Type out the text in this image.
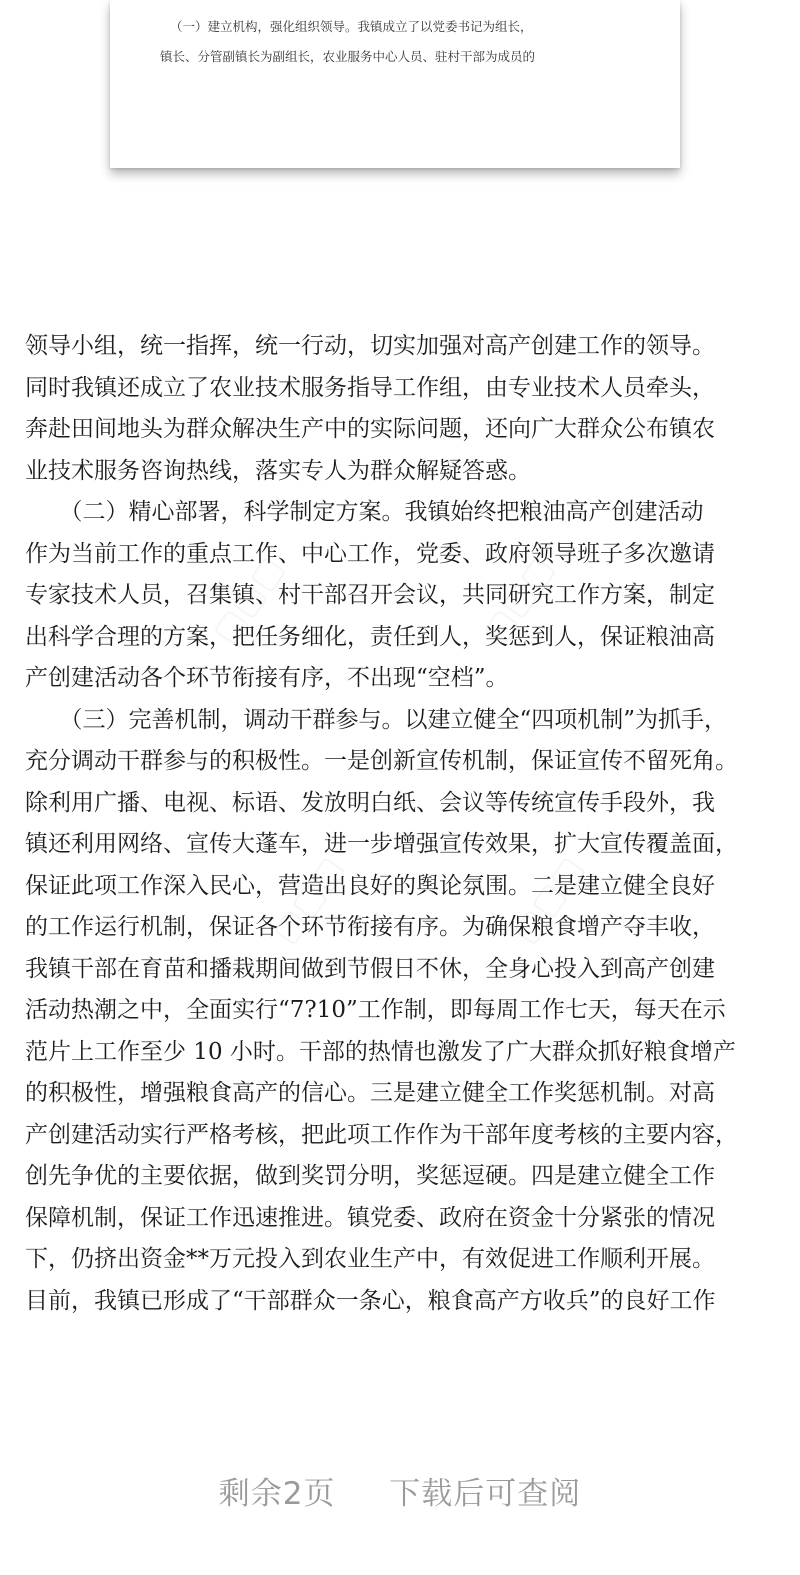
（一）建立机构，强化组织领导。我镇成立了以党委书记为组长，
镇长、分管副镇长为副组长，农业服务中心人员、驻村干部为成员的
领导小组，统一指挥，统一行动，切实加强对高产创建工作的领导。
同时我镇还成立了农业技术服务指导工作组，由专业技术人员牵头，
奔赴田间地头为群众解决生产中的实际问题，还向广大群众公布镇农
业技术服务咨询热线，落实专人为群众解疑答惑。
　　（二）精心部署，科学制定方案。我镇始终把粮油高产创建活动
作为当前工作的重点工作、中心工作，党委、政府领导班子多次邀请
专家技术人员，召集镇、村干部召开会议，共同研究工作方案，制定
出科学合理的方案，把任务细化，责任到人，奖惩到人，保证粮油高
产创建活动各个环节衔接有序，不出现“空档”。
　　（三）完善机制，调动干群参与。以建立健全“四项机制”为抓手，
充分调动干群参与的积极性。一是创新宣传机制，保证宣传不留死角。
除利用广播、电视、标语、发放明白纸、会议等传统宣传手段外，我
镇还利用网络、宣传大蓬车，进一步增强宣传效果，扩大宣传覆盖面，
保证此项工作深入民心，营造出良好的舆论氛围。二是建立健全良好
的工作运行机制，保证各个环节衔接有序。为确保粮食增产夺丰收，
我镇干部在育苗和播栽期间做到节假日不休，全身心投入到高产创建
活动热潮之中，全面实行“7?10”工作制，即每周工作七天，每天在示
范片上工作至少 10 小时。干部的热情也激发了广大群众抓好粮食增产
的积极性，增强粮食高产的信心。三是建立健全工作奖惩机制。对高
产创建活动实行严格考核，把此项工作作为干部年度考核的主要内容，
创先争优的主要依据，做到奖罚分明，奖惩逗硬。四是建立健全工作
保障机制，保证工作迅速推进。镇党委、政府在资金十分紧张的情况
下，仍挤出资金**万元投入到农业生产中，有效促进工作顺利开展。
目前，我镇已形成了“干部群众一条心，粮食高产方收兵”的良好工作
剩余2页 下载后可查阅
